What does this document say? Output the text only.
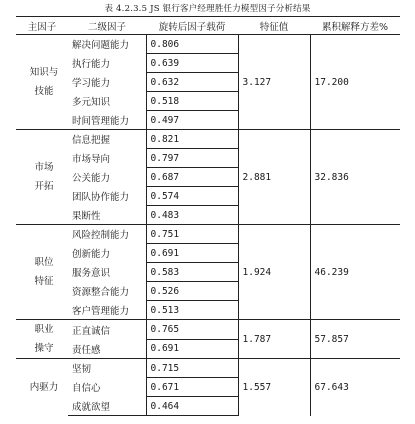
表 4.2.3.5 JS 银行客户经理胜任力模型因子分析结果
主因子	二级因子	旋转后因子载荷	特征值	累积解释方差%
知识与
技能	解决问题能力	0.806	3.127	17.200
	执行能力	0.639		
	学习能力	0.632		
	多元知识	0.518		
	时间管理能力	0.497		
市场
开拓	信息把握	0.821	2.881	32.836
	市场导向	0.797		
	公关能力	0.687		
	团队协作能力	0.574		
	果断性	0.483		
职位
特征	风险控制能力	0.751	1.924	46.239
	创新能力	0.691		
	服务意识	0.583		
	资源整合能力	0.526		
	客户管理能力	0.513		
职业
操守	正直诚信	0.765	1.787	57.857
	责任感	0.691		
内驱力	坚韧	0.715	1.557	67.643
	自信心	0.671		
	成就欲望	0.464		
